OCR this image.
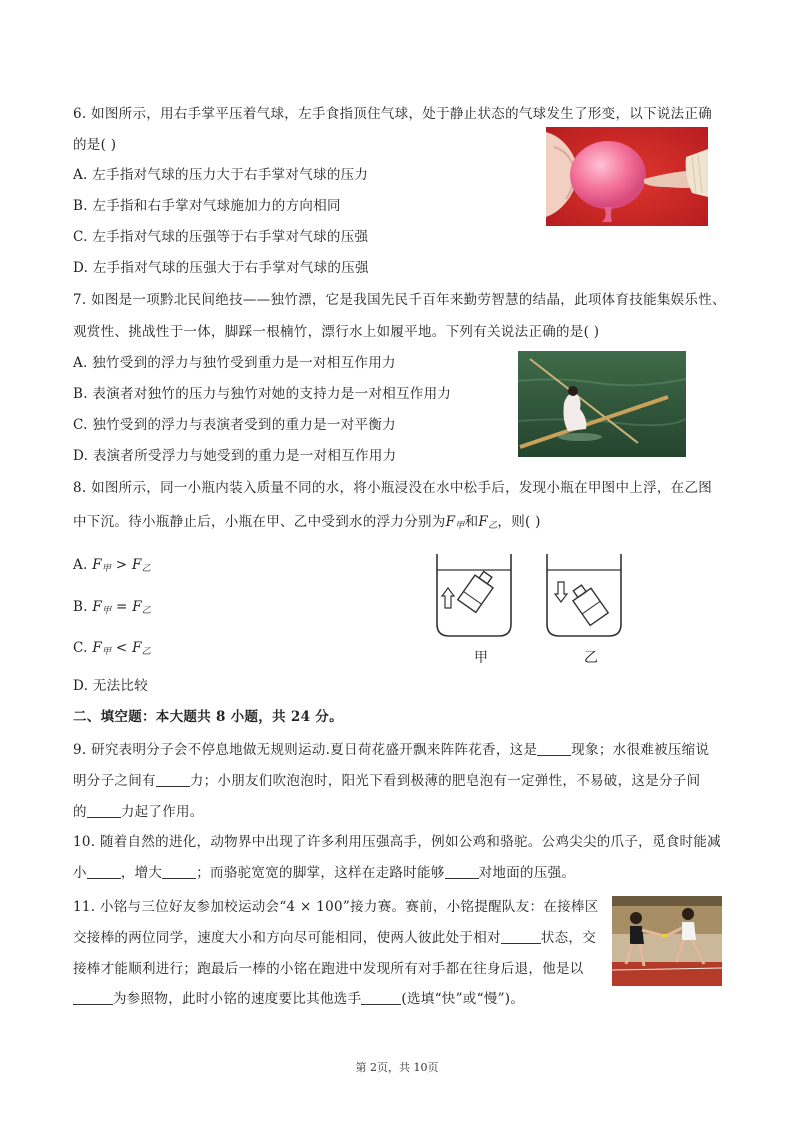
6. 如图所示，用右手掌平压着气球，左手食指顶住气球，处于静止状态的气球发生了形变，以下说法正确
的是( )
A. 左手指对气球的压力大于右手掌对气球的压力
B. 左手指和右手掌对气球施加力的方向相同
C. 左手指对气球的压强等于右手掌对气球的压强
D. 左手指对气球的压强大于右手掌对气球的压强
7. 如图是一项黔北民间绝技——独竹漂，它是我国先民千百年来勤劳智慧的结晶，此项体育技能集娱乐性、
观赏性、挑战性于一体，脚踩一根楠竹，漂行水上如履平地。下列有关说法正确的是( )
A. 独竹受到的浮力与独竹受到重力是一对相互作用力
B. 表演者对独竹的压力与独竹对她的支持力是一对相互作用力
C. 独竹受到的浮力与表演者受到的重力是一对平衡力
D. 表演者所受浮力与她受到的重力是一对相互作用力
8. 如图所示，同一小瓶内装入质量不同的水，将小瓶浸没在水中松手后，发现小瓶在甲图中上浮，在乙图
中下沉。待小瓶静止后，小瓶在甲、乙中受到水的浮力分别为$F_甲$和$F_乙$，则( )
A. $F_甲 > F_乙$
B. $F_甲 = F_乙$
C. $F_甲 < F_乙$
D. 无法比较
甲	乙
二、填空题：本大题共 8 小题，共 24 分。
9. 研究表明分子会不停息地做无规则运动.夏日荷花盛开飘来阵阵花香，这是	现象；水很难被压缩说
明分子之间有	力；小朋友们吹泡泡时，阳光下看到极薄的肥皂泡有一定弹性，不易破，这是分子间
的	力起了作用。
10. 随着自然的进化，动物界中出现了许多利用压强高手，例如公鸡和骆驼。公鸡尖尖的爪子，觅食时能减
小	，增大	；而骆驼宽宽的脚掌，这样在走路时能够	对地面的压强。
11. 小铭与三位好友参加校运动会“4 × 100”接力赛。赛前，小铭提醒队友：在接棒区
交接棒的两位同学，速度大小和方向尽可能相同，使两人彼此处于相对	状态，交
接棒才能顺利进行；跑最后一棒的小铭在跑进中发现所有对手都在往身后退，他是以
为参照物，此时小铭的速度要比其他选手	(选填“快”或“慢”)。
第 2页，共 10页
